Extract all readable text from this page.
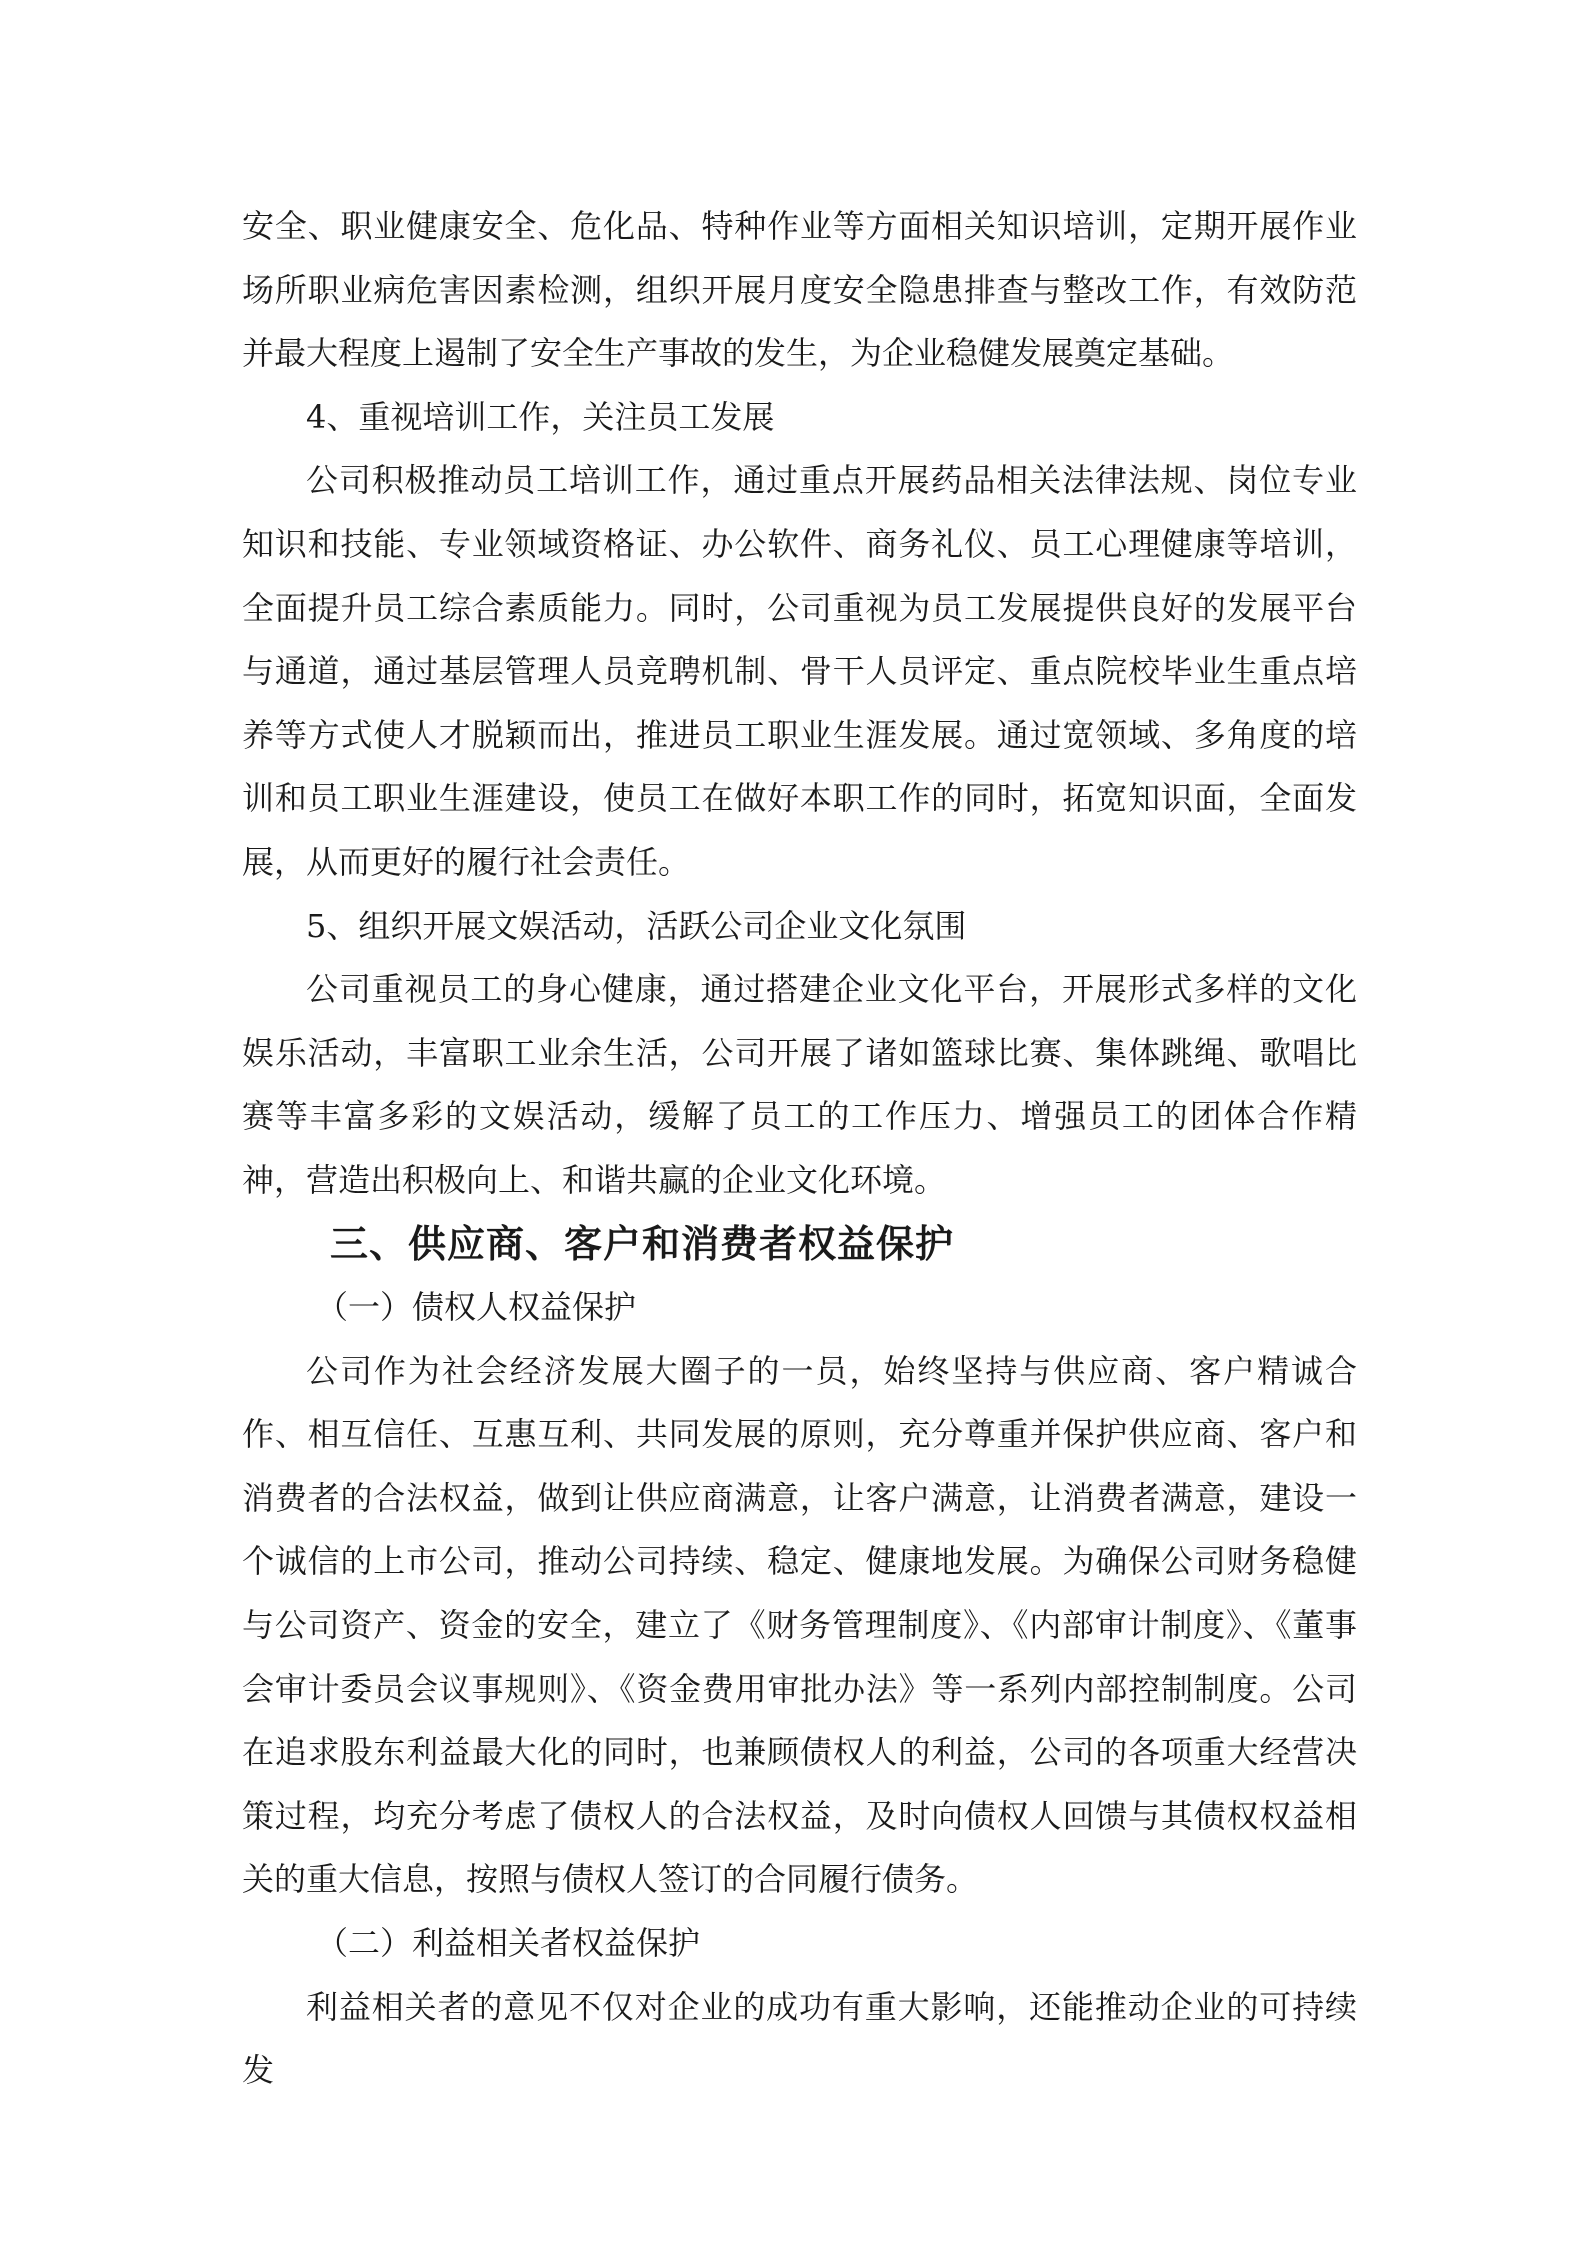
安全、职业健康安全、危化品、特种作业等方面相关知识培训，定期开展作业场所职业病危害因素检测，组织开展月度安全隐患排查与整改工作，有效防范并最大程度上遏制了安全生产事故的发生，为企业稳健发展奠定基础。

4、重视培训工作，关注员工发展

公司积极推动员工培训工作，通过重点开展药品相关法律法规、岗位专业知识和技能、专业领域资格证、办公软件、商务礼仪、员工心理健康等培训，全面提升员工综合素质能力。同时，公司重视为员工发展提供良好的发展平台与通道，通过基层管理人员竞聘机制、骨干人员评定、重点院校毕业生重点培养等方式使人才脱颖而出，推进员工职业生涯发展。通过宽领域、多角度的培训和员工职业生涯建设，使员工在做好本职工作的同时，拓宽知识面，全面发展，从而更好的履行社会责任。

5、组织开展文娱活动，活跃公司企业文化氛围

公司重视员工的身心健康，通过搭建企业文化平台，开展形式多样的文化娱乐活动，丰富职工业余生活，公司开展了诸如篮球比赛、集体跳绳、歌唱比赛等丰富多彩的文娱活动，缓解了员工的工作压力、增强员工的团体合作精神，营造出积极向上、和谐共赢的企业文化环境。

三、供应商、客户和消费者权益保护

（一）债权人权益保护

公司作为社会经济发展大圈子的一员，始终坚持与供应商、客户精诚合作、相互信任、互惠互利、共同发展的原则，充分尊重并保护供应商、客户和消费者的合法权益，做到让供应商满意，让客户满意，让消费者满意，建设一个诚信的上市公司，推动公司持续、稳定、健康地发展。为确保公司财务稳健与公司资产、资金的安全，建立了《财务管理制度》、《内部审计制度》、《董事会审计委员会议事规则》、《资金费用审批办法》等一系列内部控制制度。公司在追求股东利益最大化的同时，也兼顾债权人的利益，公司的各项重大经营决策过程，均充分考虑了债权人的合法权益，及时向债权人回馈与其债权权益相关的重大信息，按照与债权人签订的合同履行债务。

（二）利益相关者权益保护

利益相关者的意见不仅对企业的成功有重大影响，还能推动企业的可持续发
